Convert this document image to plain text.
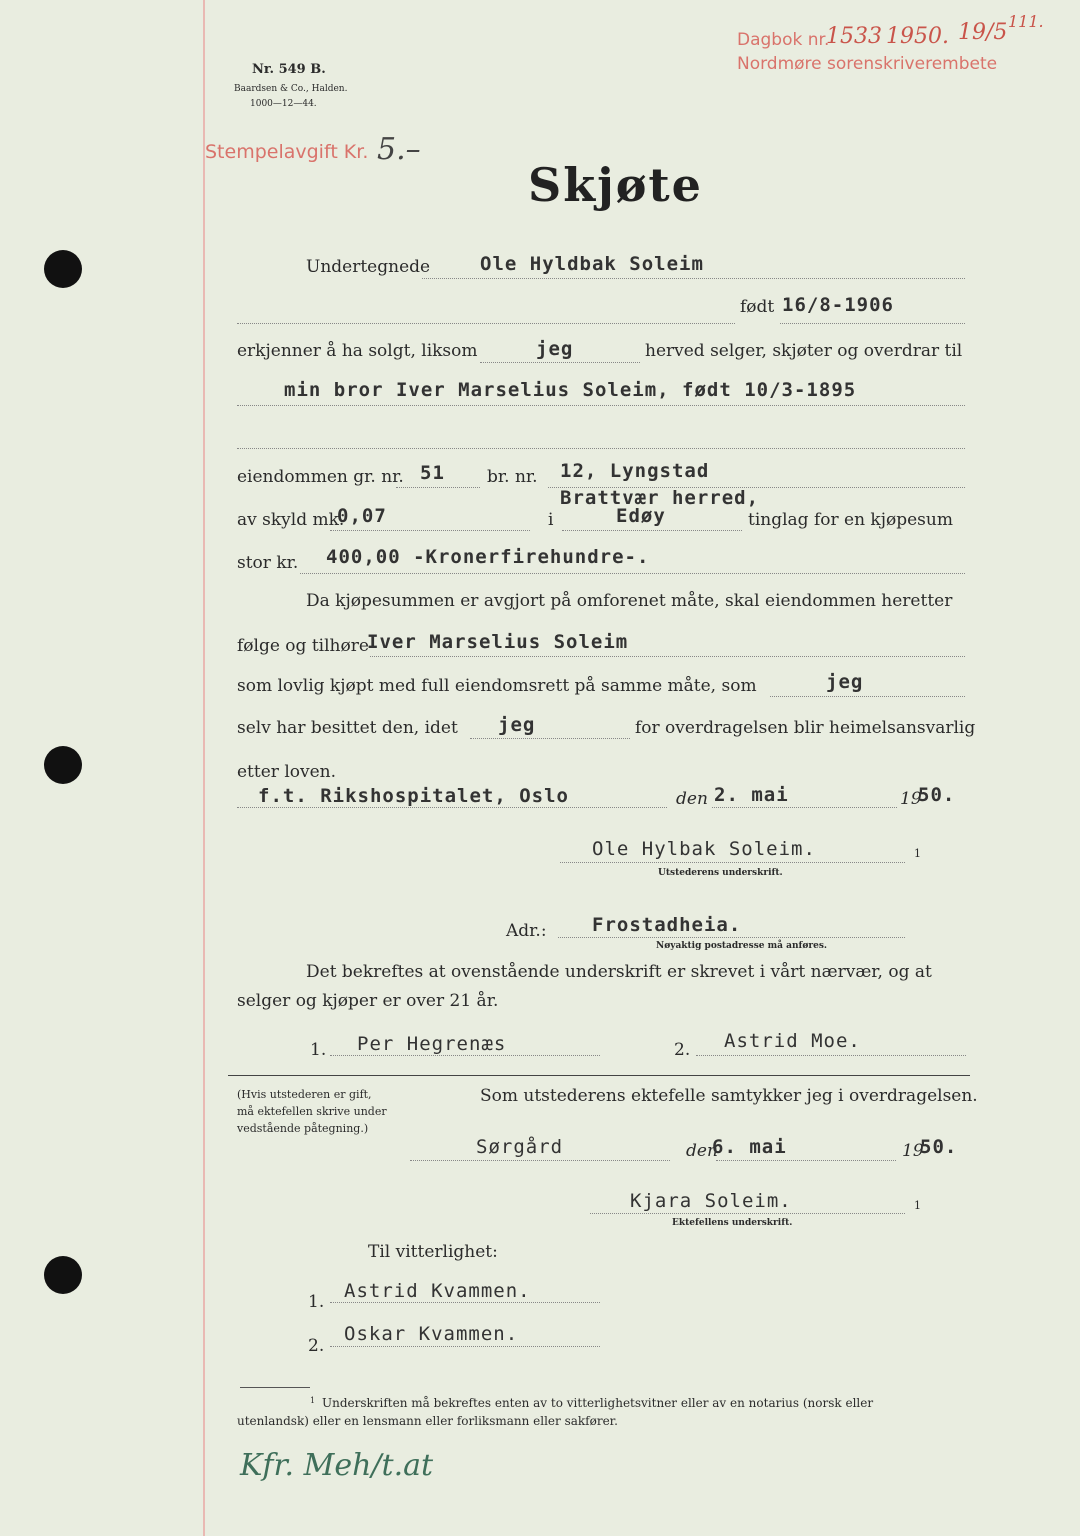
Nr. 549 B.
Baardsen & Co., Halden.
1000—12—44.
Stempelavgift Kr. 5.–
Dagbok nr.
1533 1950. 19/5 111.
Nordmøre sorenskriverembete
Skjøte
Undertegnede	Ole Hyldbak Soleim
født 16/8-1906
erkjenner å ha solgt, liksom	jeg	herved selger, skjøter og overdrar til
min bror Iver Marselius Soleim, født 10/3-1895
eiendommen gr. nr. 51 br. nr. 12, Lyngstad
Brattvær herred,
av skyld mk.
0,07	i	Edøy	tinglag for en kjøpesum
stor kr. 400,00 -Kronerfirehundre-.
Da kjøpesummen er avgjort på omforenet måte, skal eiendommen heretter
følge og tilhøre
Iver Marselius Soleim
som lovlig kjøpt med full eiendomsrett på samme måte, som	jeg
selv har besittet den, idet jeg	for overdragelsen blir heimelsansvarlig
etter loven.
f.t. Rikshospitalet, Oslo	den 2. mai	19
50.
Ole Hylbak Soleim.	1
Utstederens underskrift.
Adr.: Frostadheia.
Nøyaktig postadresse må anføres.
Det bekreftes at ovenstående underskrift er skrevet i vårt nærvær, og at
selger og kjøper er over 21 år.
1. Per Hegrenæs	2. Astrid Moe.
(Hvis utstederen er gift,
må ektefellen skrive under
vedstående påtegning.)
Som utstederens ektefelle samtykker jeg i overdragelsen.
Sørgård	den
6. mai	19
50.
Kjara Soleim.	1
Ektefellens underskrift.
Til vitterlighet:
1. Astrid Kvammen.
2.
Oskar Kvammen.
1 Underskriften må bekreftes enten av to vitterlighetsvitner eller av en notarius (norsk eller
utenlandsk) eller en lensmann eller forliksmann eller sakfører.
Kfr. Meh/t.at
